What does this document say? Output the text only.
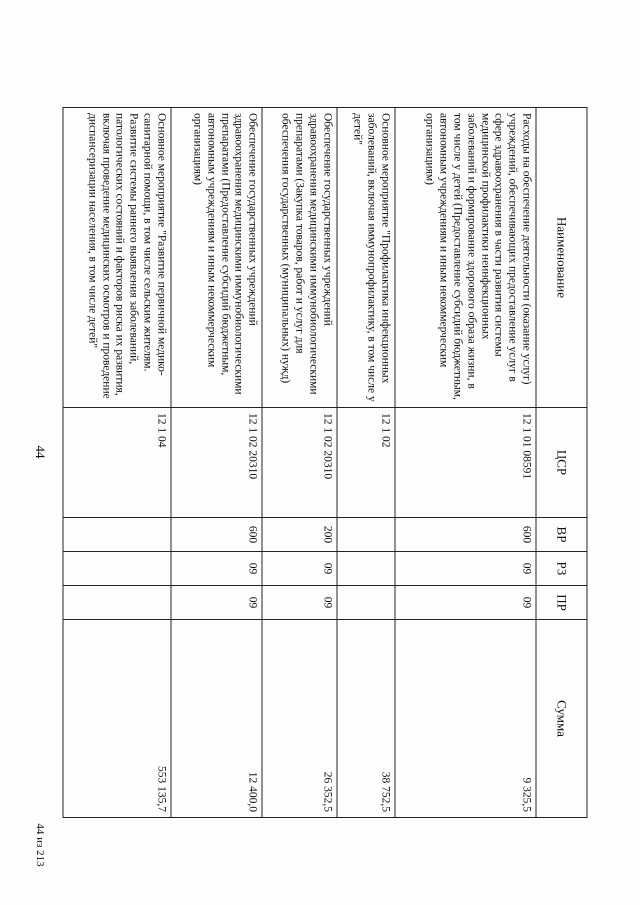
44
44 из 213
Наименование	ЦСР	ВР	РЗ	ПР	Сумма
Расходы на обеспечение деятельности (оказание услуг) учреждений, обеспечивающих предоставление услуг в сфере здравоохранения в части развития системы медицинской профилактики неинфекционных заболеваний и формирование здорового образа жизни, в том числе у детей (Предоставление субсидий бюджетным, автономным учреждениям и иным некоммерческим организациям)	12 1 01 08591	600	09	09	9 325,5
Основное мероприятие "Профилактика инфекционных заболеваний, включая иммунопрофилактику, в том числе у детей"	12 1 02				38 752,5
Обеспечение государственных учреждений здравоохранения медицинскими иммунобиологическими препаратами (Закупка товаров, работ и услуг для обеспечения государственных (муниципальных) нужд)	12 1 02 20310	200	09	09	26 352,5
Обеспечение государственных учреждений здравоохранения медицинскими иммунобиологическими препаратами (Предоставление субсидий бюджетным, автономным учреждениям и иным некоммерческим организациям)	12 1 02 20310	600	09	09	12 400,0
Основное мероприятие "Развитие первичной медико-санитарной помощи, в том числе сельским жителям. Развитие системы раннего выявления заболеваний, патологических состояний и факторов риска их развития, включая проведение медицинских осмотров и проведение диспансеризации населения, в том числе детей"	12 1 04				553 135,7
